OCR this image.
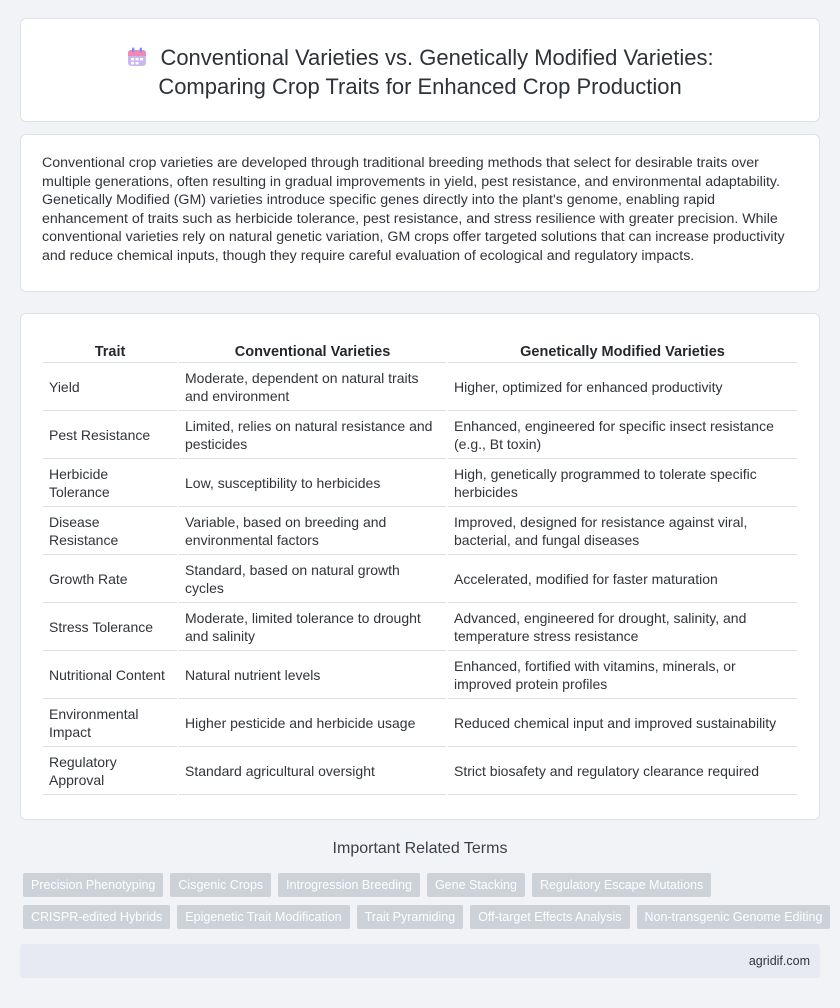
Conventional Varieties vs. Genetically Modified Varieties:
Comparing Crop Traits for Enhanced Crop Production

Conventional crop varieties are developed through traditional breeding methods that select for desirable traits over multiple generations, often resulting in gradual improvements in yield, pest resistance, and environmental adaptability. Genetically Modified (GM) varieties introduce specific genes directly into the plant's genome, enabling rapid enhancement of traits such as herbicide tolerance, pest resistance, and stress resilience with greater precision. While conventional varieties rely on natural genetic variation, GM crops offer targeted solutions that can increase productivity and reduce chemical inputs, though they require careful evaluation of ecological and regulatory impacts.

Trait	Conventional Varieties	Genetically Modified Varieties
Yield	Moderate, dependent on natural traits and environment	Higher, optimized for enhanced productivity
Pest Resistance	Limited, relies on natural resistance and pesticides	Enhanced, engineered for specific insect resistance (e.g., Bt toxin)
Herbicide Tolerance	Low, susceptibility to herbicides	High, genetically programmed to tolerate specific herbicides
Disease Resistance	Variable, based on breeding and environmental factors	Improved, designed for resistance against viral, bacterial, and fungal diseases
Growth Rate	Standard, based on natural growth cycles	Accelerated, modified for faster maturation
Stress Tolerance	Moderate, limited tolerance to drought and salinity	Advanced, engineered for drought, salinity, and temperature stress resistance
Nutritional Content	Natural nutrient levels	Enhanced, fortified with vitamins, minerals, or improved protein profiles
Environmental Impact	Higher pesticide and herbicide usage	Reduced chemical input and improved sustainability
Regulatory Approval	Standard agricultural oversight	Strict biosafety and regulatory clearance required
Important Related Terms
Precision Phenotyping	Cisgenic Crops	Introgression Breeding	Gene Stacking	Regulatory Escape Mutations
CRISPR-edited Hybrids	Epigenetic Trait Modification	Trait Pyramiding	Off-target Effects Analysis	Non-transgenic Genome Editing
agridif.com
